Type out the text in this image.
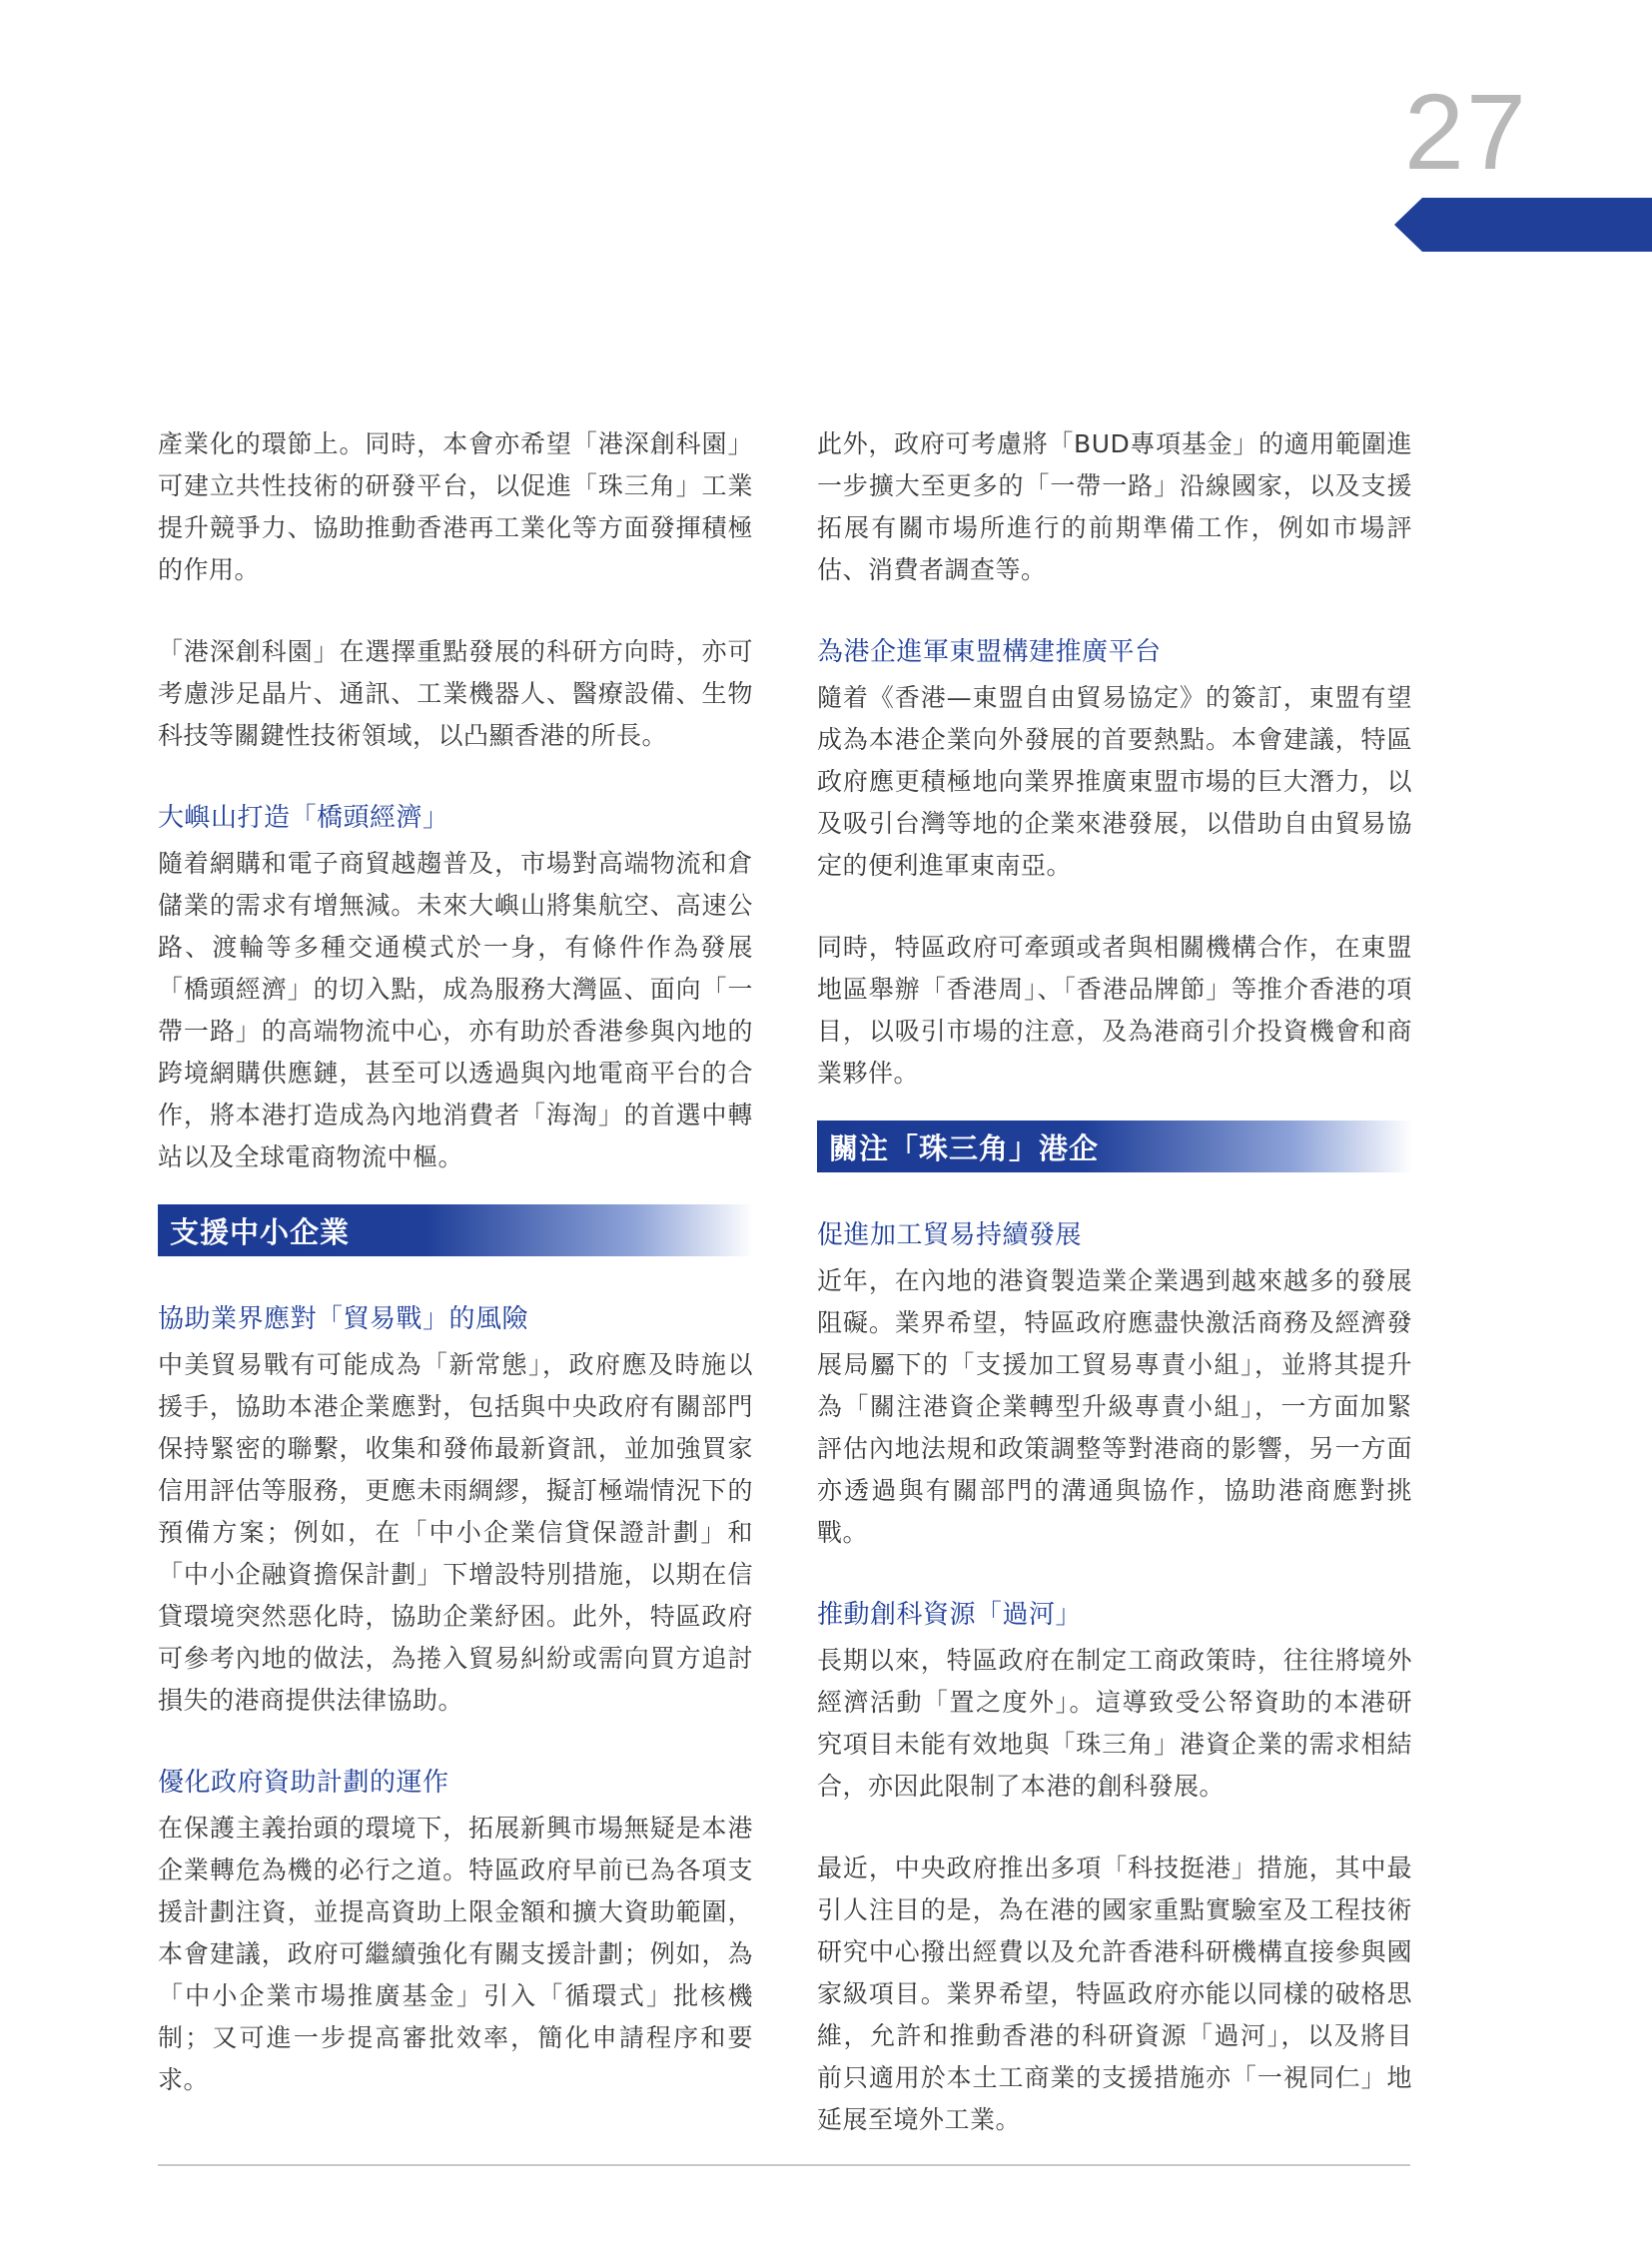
27

產業化的環節上。同時，本會亦希望「港深創科園」可建立共性技術的研發平台，以促進「珠三角」工業提升競爭力、協助推動香港再工業化等方面發揮積極的作用。

「港深創科園」在選擇重點發展的科研方向時，亦可考慮涉足晶片、通訊、工業機器人、醫療設備、生物科技等關鍵性技術領域，以凸顯香港的所長。

大嶼山打造「橋頭經濟」

隨着網購和電子商貿越趨普及，市場對高端物流和倉儲業的需求有增無減。未來大嶼山將集航空、高速公路、渡輪等多種交通模式於一身，有條件作為發展「橋頭經濟」的切入點，成為服務大灣區、面向「一帶一路」的高端物流中心，亦有助於香港參與內地的跨境網購供應鏈，甚至可以透過與內地電商平台的合作，將本港打造成為內地消費者「海淘」的首選中轉站以及全球電商物流中樞。

支援中小企業
協助業界應對「貿易戰」的風險

中美貿易戰有可能成為「新常態」，政府應及時施以援手，協助本港企業應對，包括與中央政府有關部門保持緊密的聯繫，收集和發佈最新資訊，並加強買家信用評估等服務，更應未雨綢繆，擬訂極端情況下的預備方案；例如，在「中小企業信貸保證計劃」和「中小企融資擔保計劃」下增設特別措施，以期在信貸環境突然惡化時，協助企業紓困。此外，特區政府可參考內地的做法，為捲入貿易糾紛或需向買方追討損失的港商提供法律協助。

優化政府資助計劃的運作

在保護主義抬頭的環境下，拓展新興市場無疑是本港企業轉危為機的必行之道。特區政府早前已為各項支援計劃注資，並提高資助上限金額和擴大資助範圍，本會建議，政府可繼續強化有關支援計劃；例如，為「中小企業市場推廣基金」引入「循環式」批核機制；又可進一步提高審批效率，簡化申請程序和要求。

此外，政府可考慮將「BUD專項基金」的適用範圍進一步擴大至更多的「一帶一路」沿線國家，以及支援拓展有關市場所進行的前期準備工作，例如市場評估、消費者調查等。

為港企進軍東盟構建推廣平台

隨着《香港—東盟自由貿易協定》的簽訂，東盟有望成為本港企業向外發展的首要熱點。本會建議，特區政府應更積極地向業界推廣東盟市場的巨大潛力，以及吸引台灣等地的企業來港發展，以借助自由貿易協定的便利進軍東南亞。

同時，特區政府可牽頭或者與相關機構合作，在東盟地區舉辦「香港周」、「香港品牌節」等推介香港的項目，以吸引市場的注意，及為港商引介投資機會和商業夥伴。

關注「珠三角」港企
促進加工貿易持續發展

近年，在內地的港資製造業企業遇到越來越多的發展阻礙。業界希望，特區政府應盡快激活商務及經濟發展局屬下的「支援加工貿易專責小組」，並將其提升為「關注港資企業轉型升級專責小組」，一方面加緊評估內地法規和政策調整等對港商的影響，另一方面亦透過與有關部門的溝通與協作，協助港商應對挑戰。

推動創科資源「過河」

長期以來，特區政府在制定工商政策時，往往將境外經濟活動「置之度外」。這導致受公帑資助的本港研究項目未能有效地與「珠三角」港資企業的需求相結合，亦因此限制了本港的創科發展。

最近，中央政府推出多項「科技挺港」措施，其中最引人注目的是，為在港的國家重點實驗室及工程技術研究中心撥出經費以及允許香港科研機構直接參與國家級項目。業界希望，特區政府亦能以同樣的破格思維，允許和推動香港的科研資源「過河」，以及將目前只適用於本土工商業的支援措施亦「一視同仁」地延展至境外工業。
